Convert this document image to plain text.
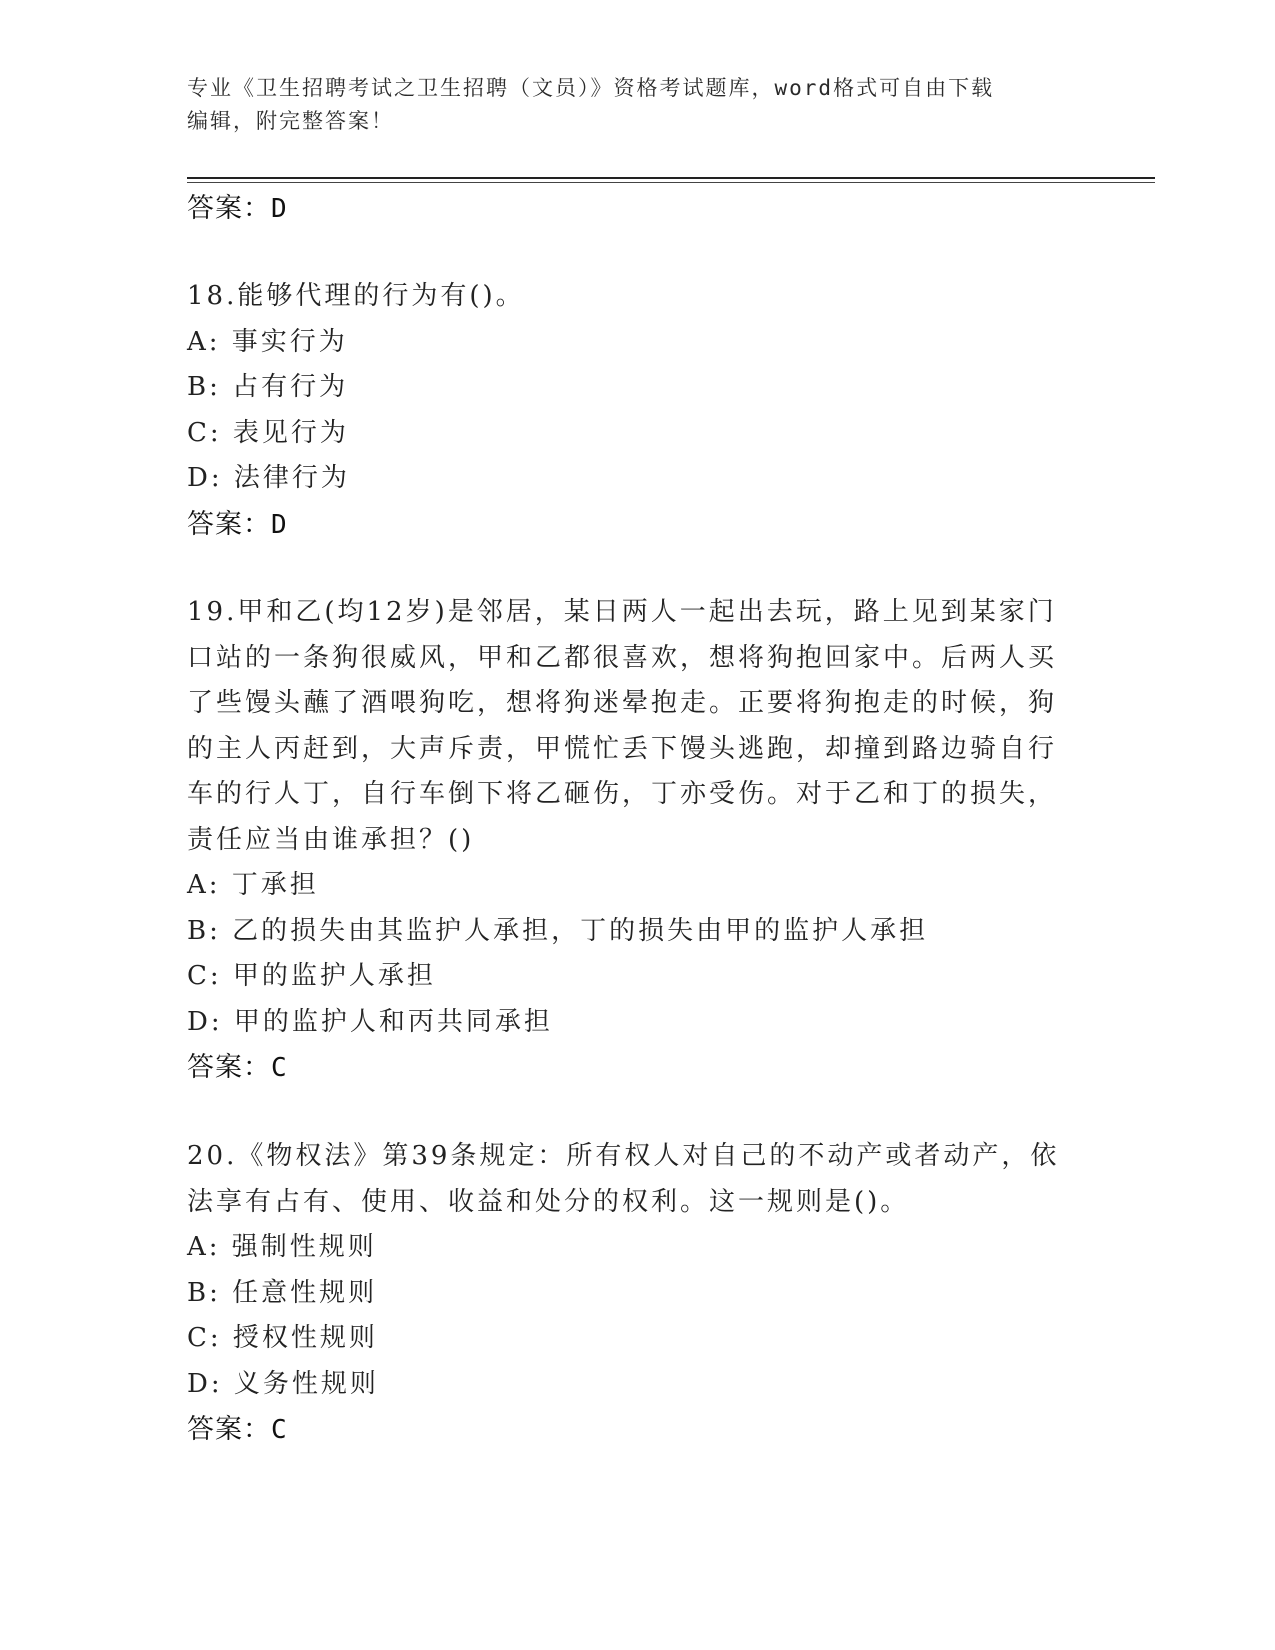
专业《卫生招聘考试之卫生招聘（文员）》资格考试题库，word格式可自由下载
编辑，附完整答案！
答案：D
18.能够代理的行为有()。
A: 事实行为
B: 占有行为
C: 表见行为
D: 法律行为
答案：D
19.甲和乙(均12岁)是邻居，某日两人一起出去玩，路上见到某家门
口站的一条狗很威风，甲和乙都很喜欢，想将狗抱回家中。后两人买
了些馒头蘸了酒喂狗吃，想将狗迷晕抱走。正要将狗抱走的时候，狗
的主人丙赶到，大声斥责，甲慌忙丢下馒头逃跑，却撞到路边骑自行
车的行人丁，自行车倒下将乙砸伤，丁亦受伤。对于乙和丁的损失，
责任应当由谁承担？()
A: 丁承担
B: 乙的损失由其监护人承担，丁的损失由甲的监护人承担
C: 甲的监护人承担
D: 甲的监护人和丙共同承担
答案：C
20.《物权法》第39条规定：所有权人对自己的不动产或者动产，依
法享有占有、使用、收益和处分的权利。这一规则是()。
A: 强制性规则
B: 任意性规则
C: 授权性规则
D: 义务性规则
答案：C
